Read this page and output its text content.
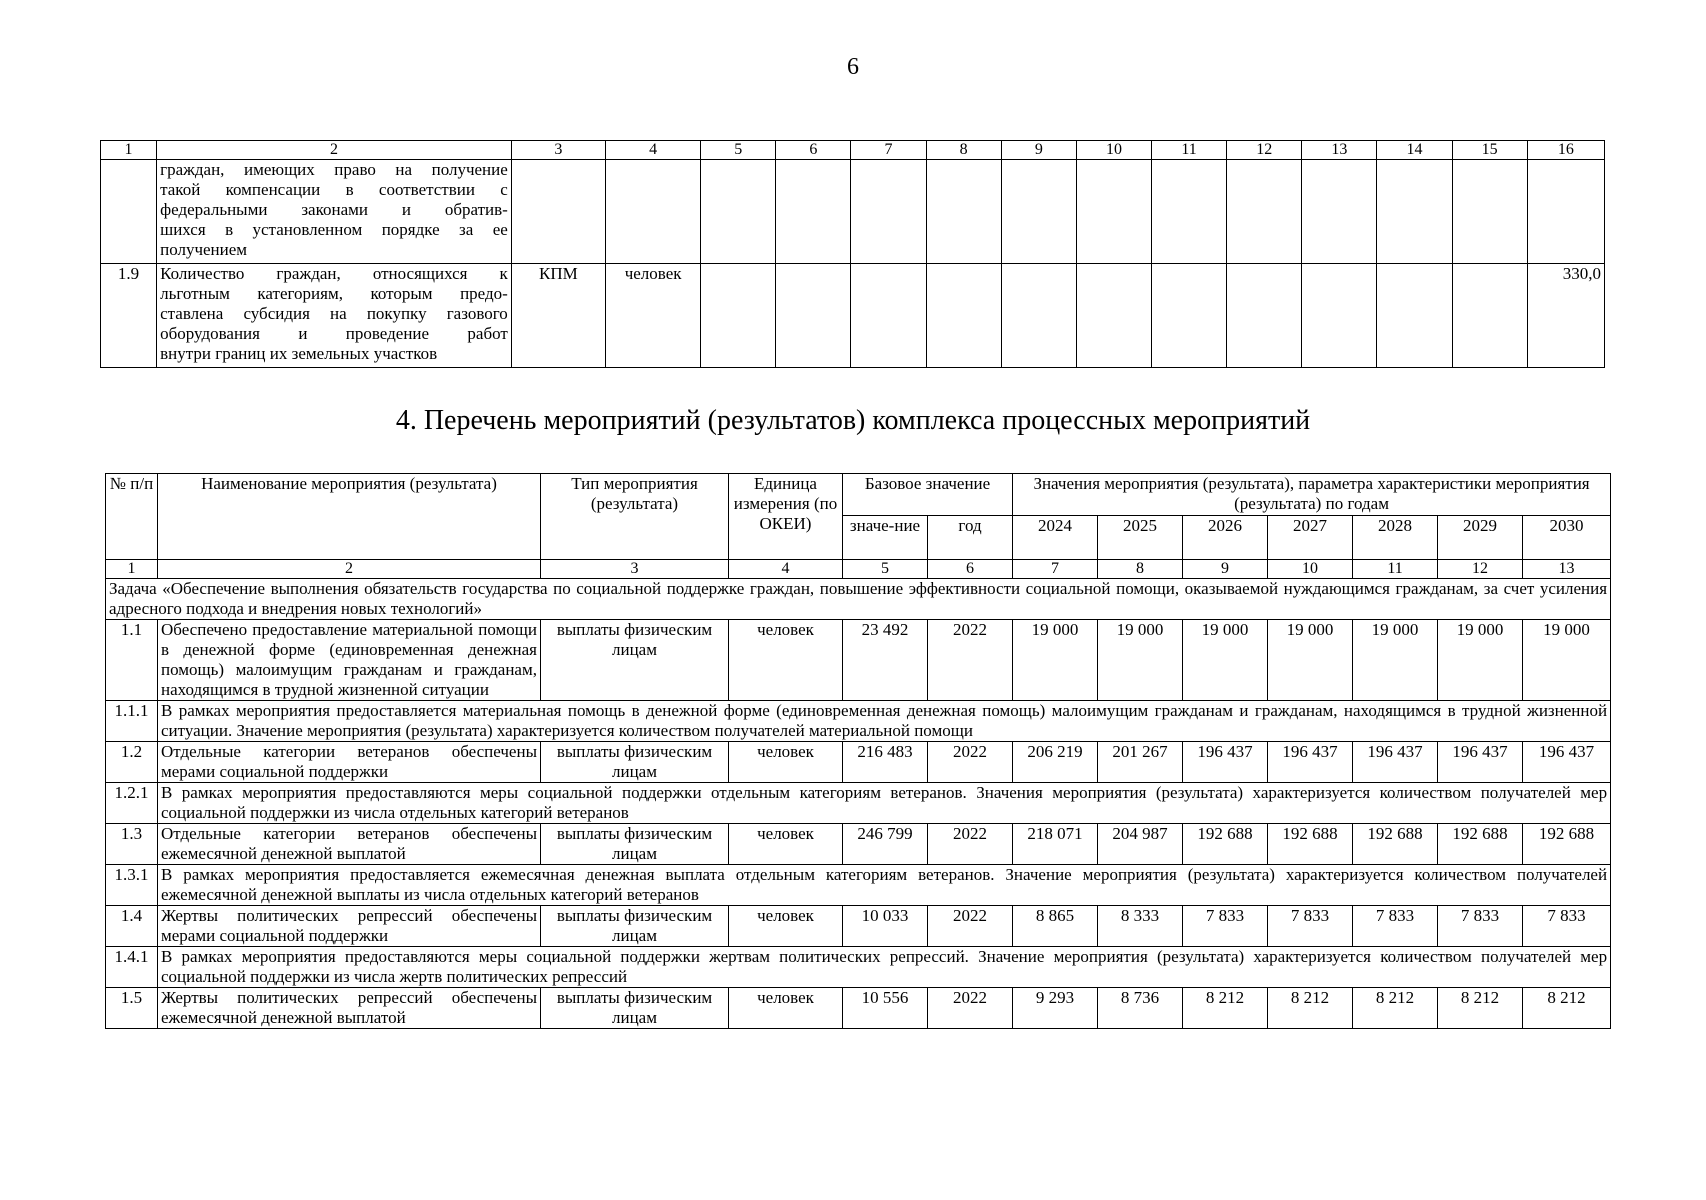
6
1	2	3	4	5	6	7	8	9	10	11	12	13	14	15	16

	граждан, имеющих право на получение
такой компенсации в соответствии с
федеральными законами и обратив-
шихся в установленном порядке за ее
получением														

1.9	Количество граждан, относящихся к
льготным категориям, которым предо-
ставлена субсидия на покупку газового
оборудования и проведение работ
внутри границ их земельных участков	КПМ	человек												330,0
4. Перечень мероприятий (результатов) комплекса процессных мероприятий
№ п/п	Наименование мероприятия (результата)	Тип мероприятия (результата)	Единица измерения (по ОКЕИ)	Базовое значение		Значения мероприятия (результата), параметра характеристики мероприятия (результата) по годам						
				значе-ние	год	2024	2025	2026	2027	2028	2029	2030
1	2	3	4	5	6	7	8	9	10	11	12	13
Задача «Обеспечение выполнения обязательств государства по социальной поддержке граждан, повышение эффективности социальной помощи, оказываемой нуждающимся гражданам, за счет усиления адресного подхода и внедрения новых технологий»												
1.1	Обеспечено предоставление материальной помощи в денежной форме (единовременная денежная помощь) малоимущим гражданам и гражданам, находящимся в трудной жизненной ситуации	выплаты физическим лицам	человек	23 492	2022	19 000	19 000	19 000	19 000	19 000	19 000	19 000
1.1.1	В рамках мероприятия предоставляется материальная помощь в денежной форме (единовременная денежная помощь) малоимущим гражданам и гражданам, находящимся в трудной жизненной ситуации. Значение мероприятия (результата) характеризуется количеством получателей материальной помощи											
1.2	Отдельные категории ветеранов обеспечены мерами социальной поддержки	выплаты физическим лицам	человек	216 483	2022	206 219	201 267	196 437	196 437	196 437	196 437	196 437
1.2.1	В рамках мероприятия предоставляются меры социальной поддержки отдельным категориям ветеранов. Значения мероприятия (результата) характеризуется количеством получателей мер социальной поддержки из числа отдельных категорий ветеранов											
1.3	Отдельные категории ветеранов обеспечены ежемесячной денежной выплатой	выплаты физическим лицам	человек	246 799	2022	218 071	204 987	192 688	192 688	192 688	192 688	192 688
1.3.1	В рамках мероприятия предоставляется ежемесячная денежная выплата отдельным категориям ветеранов. Значение мероприятия (результата) характеризуется количеством получателей ежемесячной денежной выплаты из числа отдельных категорий ветеранов											
1.4	Жертвы политических репрессий обеспечены мерами социальной поддержки	выплаты физическим лицам	человек	10 033	2022	8 865	8 333	7 833	7 833	7 833	7 833	7 833
1.4.1	В рамках мероприятия предоставляются меры социальной поддержки жертвам политических репрессий. Значение мероприятия (результата) характеризуется количеством получателей мер социальной поддержки из числа жертв политических репрессий											
1.5	Жертвы политических репрессий обеспечены ежемесячной денежной выплатой	выплаты физическим лицам	человек	10 556	2022	9 293	8 736	8 212	8 212	8 212	8 212	8 212
